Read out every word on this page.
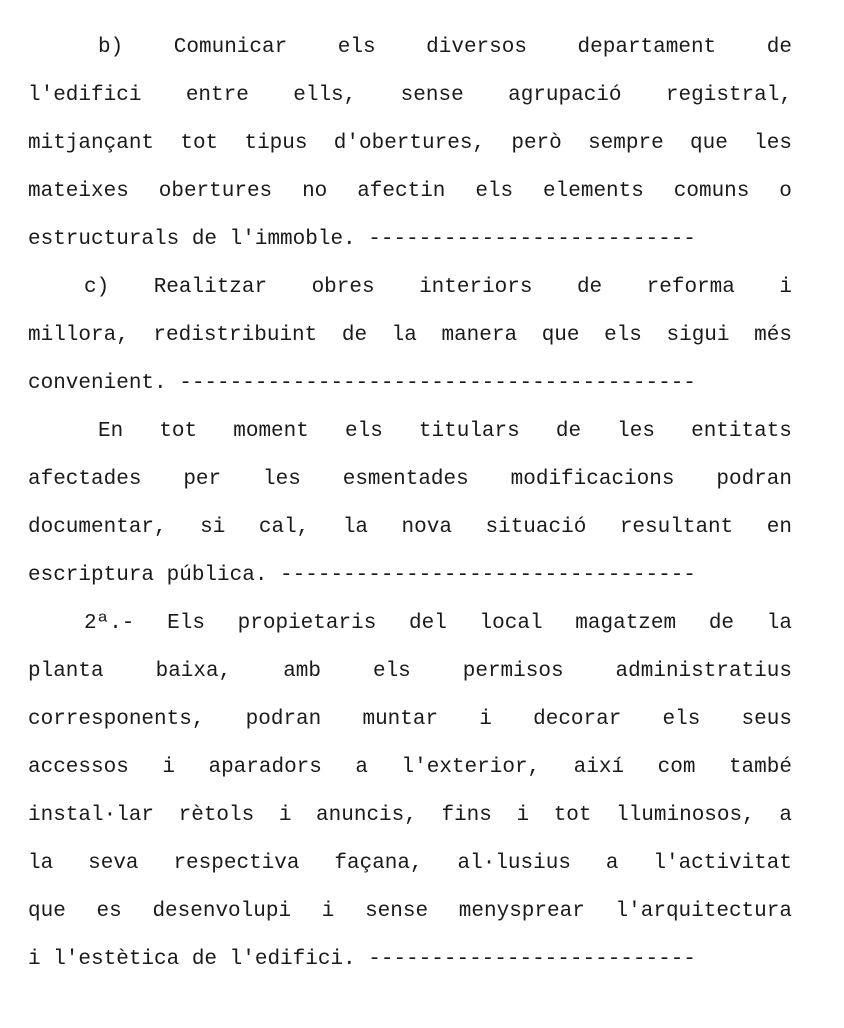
b) Comunicar els diversos departament de
l'edifici entre ells, sense agrupació registral,
mitjançant tot tipus d'obertures, però sempre que les
mateixes obertures no afectin els elements comuns o
estructurals de l'immoble. --------------------------
c) Realitzar obres interiors de reforma i
millora, redistribuint de la manera que els sigui més
convenient. -----------------------------------------
En tot moment els titulars de les entitats
afectades per les esmentades modificacions podran
documentar, si cal, la nova situació resultant en
escriptura pública. ---------------------------------
2ª.- Els propietaris del local magatzem de la
planta baixa, amb els permisos administratius
corresponents, podran muntar i decorar els seus
accessos i aparadors a l'exterior, així com també
instal·lar rètols i anuncis, fins i tot lluminosos, a
la seva respectiva façana, al·lusius a l'activitat
que es desenvolupi i sense menysprear l'arquitectura
i l'estètica de l'edifici. --------------------------
